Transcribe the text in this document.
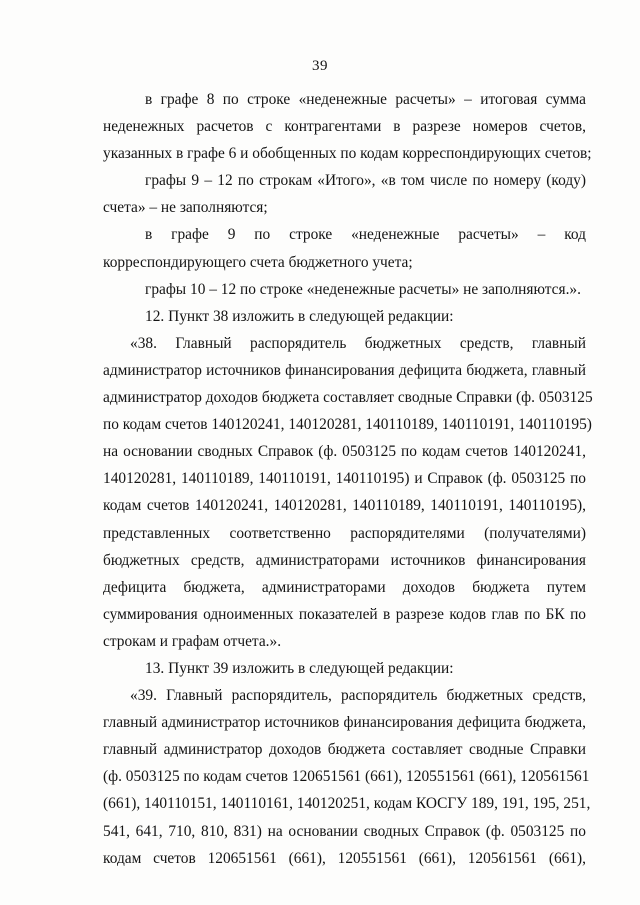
39
в графе 8 по строке «неденежные расчеты» – итоговая сумма
неденежных расчетов с контрагентами в разрезе номеров счетов,
указанных в графе 6 и обобщенных по кодам корреспондирующих счетов;
графы 9 – 12 по строкам «Итого», «в том числе по номеру (коду)
счета» – не заполняются;
в графе 9 по строке «неденежные расчеты» – код
корреспондирующего счета бюджетного учета;
графы 10 – 12 по строке «неденежные расчеты» не заполняются.».
12. Пункт 38 изложить в следующей редакции:
«38. Главный распорядитель бюджетных средств, главный
администратор источников финансирования дефицита бюджета, главный
администратор доходов бюджета составляет сводные Справки (ф. 0503125
по кодам счетов 140120241, 140120281, 140110189, 140110191, 140110195)
на основании сводных Справок (ф. 0503125 по кодам счетов 140120241,
140120281, 140110189, 140110191, 140110195) и Справок (ф. 0503125 по
кодам счетов 140120241, 140120281, 140110189, 140110191, 140110195),
представленных соответственно распорядителями (получателями)
бюджетных средств, администраторами источников финансирования
дефицита бюджета, администраторами доходов бюджета путем
суммирования одноименных показателей в разрезе кодов глав по БК по
строкам и графам отчета.».
13. Пункт 39 изложить в следующей редакции:
«39. Главный распорядитель, распорядитель бюджетных средств,
главный администратор источников финансирования дефицита бюджета,
главный администратор доходов бюджета составляет сводные Справки
(ф. 0503125 по кодам счетов 120651561 (661), 120551561 (661), 120561561
(661), 140110151, 140110161, 140120251, кодам КОСГУ 189, 191, 195, 251,
541, 641, 710, 810, 831) на основании сводных Справок (ф. 0503125 по
кодам счетов 120651561 (661), 120551561 (661), 120561561 (661),
